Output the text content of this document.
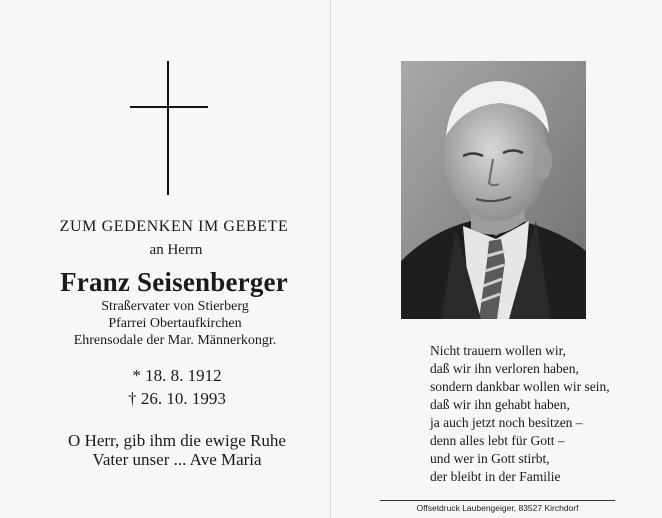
ZUM GEDENKEN IM GEBETE
an Herrn
Franz Seisenberger
Straßervater von Stierberg
Pfarrei Obertaufkirchen
Ehrensodale der Mar. Männerkongr.
* 18. 8. 1912
† 26. 10. 1993
O Herr, gib ihm die ewige Ruhe
Vater unser ... Ave Maria
Nicht trauern wollen wir,
daß wir ihn verloren haben,
sondern dankbar wollen wir sein,
daß wir ihn gehabt haben,
ja auch jetzt noch besitzen –
denn alles lebt für Gott –
und wer in Gott stirbt,
der bleibt in der Familie
Offsetdruck Laubengeiger, 83527 Kirchdorf
